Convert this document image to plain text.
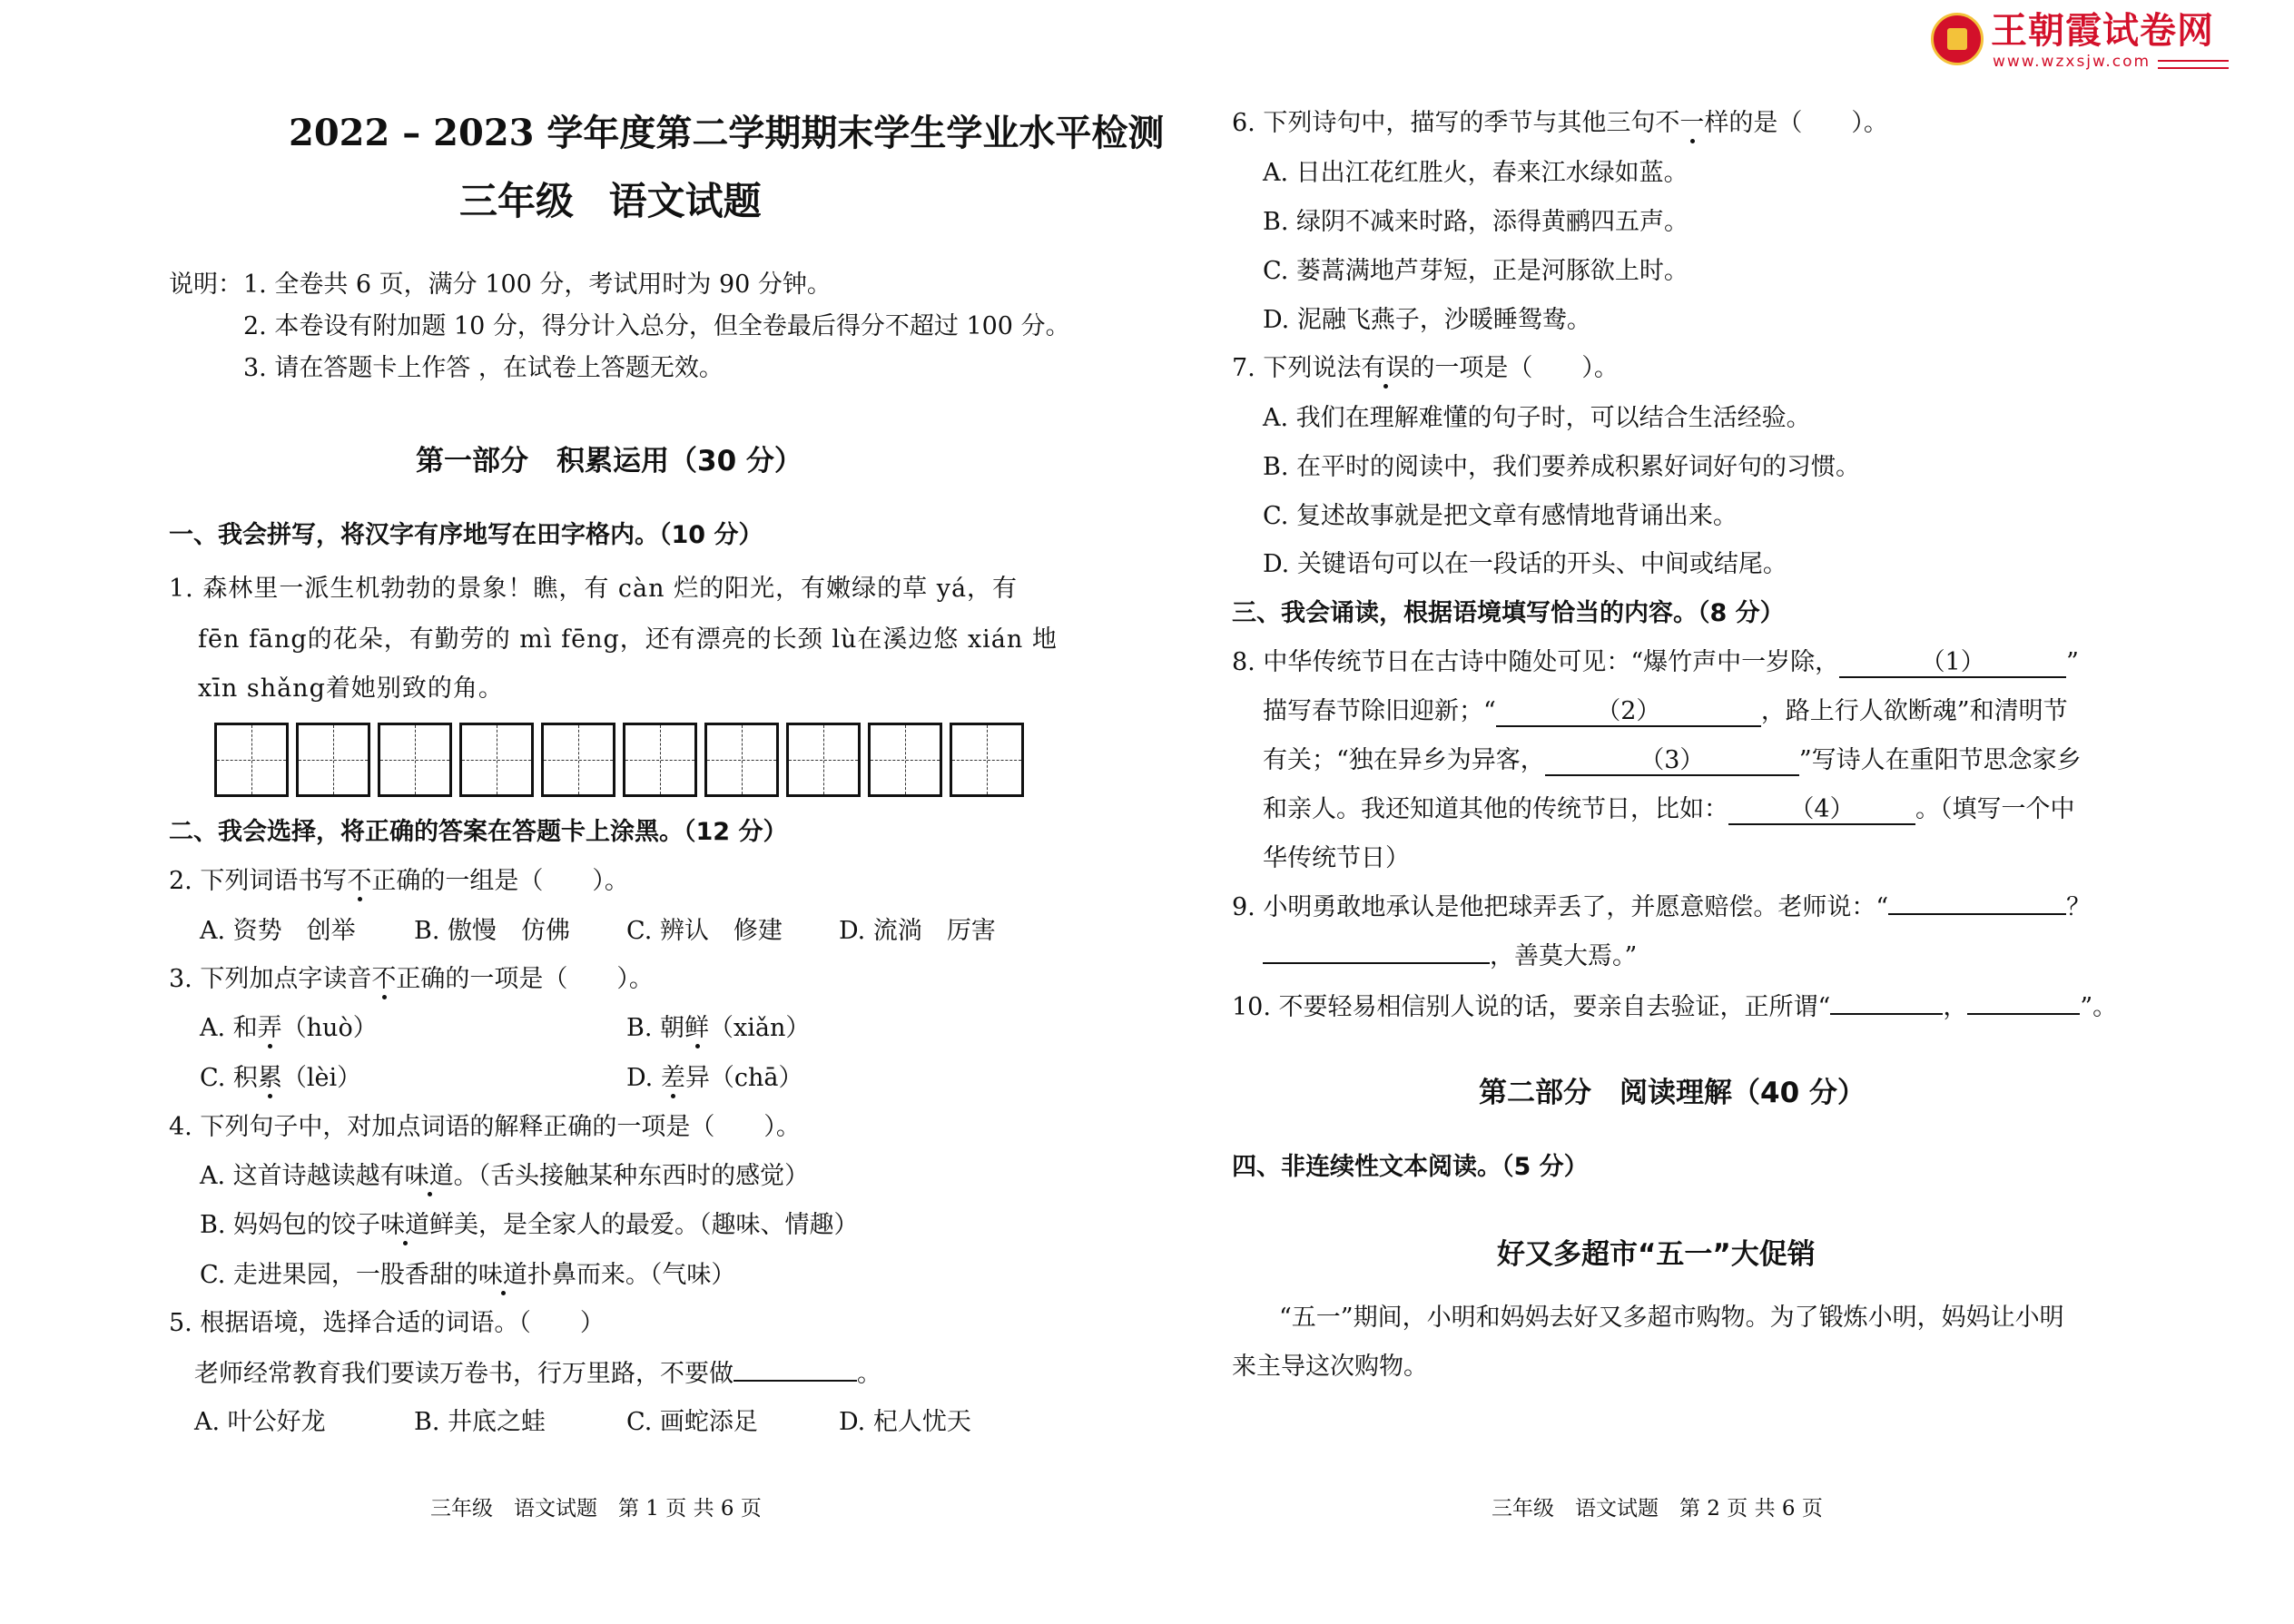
2022 – 2023 学年度第二学期期末学生学业水平检测
三年级 语文试题
说明： 1. 全卷共 6 页，满分 100 分，考试用时为 90 分钟。
2. 本卷设有附加题 10 分，得分计入总分，但全卷最后得分不超过 100 分。
3. 请在答题卡上作答 ，在试卷上答题无效。
第一部分　积累运用（30 分）
一、我会拼写，将汉字有序地写在田字格内。（10 分）
1. 森林里一派生机勃勃的景象！瞧，有 càn 烂的阳光，有嫩绿的草 yá，有
fēn fāng的花朵，有勤劳的 mì fēng，还有漂亮的长颈 lù在溪边悠 xián 地
xīn shǎng着她别致的角。
二、我会选择，将正确的答案在答题卡上涂黑。（12 分）
2. 下列词语书写不正确的一组是（　　）。
A. 资势　创举 B. 傲慢　仿佛 C. 辨认　修建 D. 流淌　厉害
3. 下列加点字读音不正确的一项是（　　）。
A. 和弄（huò）	B. 朝鲜（xiǎn）
C. 积累（lèi）	D. 差异（chā）
4. 下列句子中，对加点词语的解释正确的一项是（　　）。
A. 这首诗越读越有味道。（舌头接触某种东西时的感觉）
B. 妈妈包的饺子味道鲜美，是全家人的最爱。（趣味、情趣）
C. 走进果园，一股香甜的味道扑鼻而来。（气味）
5. 根据语境，选择合适的词语。（　　）
老师经常教育我们要读万卷书，行万里路，不要做	。
A. 叶公好龙	B. 井底之蛙	C. 画蛇添足	D. 杞人忧天
三年级　语文试题　第 1 页 共 6 页
王朝霞试卷网
www.wzxsjw.com
6. 下列诗句中，描写的季节与其他三句不一样的是（　　）。
A. 日出江花红胜火，春来江水绿如蓝。
B. 绿阴不减来时路，添得黄鹂四五声。
C. 蒌蒿满地芦芽短，正是河豚欲上时。
D. 泥融飞燕子，沙暖睡鸳鸯。
7. 下列说法有误的一项是（　　）。
A. 我们在理解难懂的句子时，可以结合生活经验。
B. 在平时的阅读中，我们要养成积累好词好句的习惯。
C. 复述故事就是把文章有感情地背诵出来。
D. 关键语句可以在一段话的开头、中间或结尾。
三、我会诵读，根据语境填写恰当的内容。（8 分）
8. 中华传统节日在古诗中随处可见：“爆竹声中一岁除，	（1）	”
描写春节除旧迎新；“	（2）	，路上行人欲断魂”和清明节
有关；“独在异乡为异客，	（3）	”写诗人在重阳节思念家乡
和亲人。我还知道其他的传统节日，比如： （4） 。（填写一个中
华传统节日）
9. 小明勇敢地承认是他把球弄丢了，并愿意赔偿。老师说：“	？
，善莫大焉。”
10. 不要轻易相信别人说的话，要亲自去验证，正所谓“	，	”。
第二部分　阅读理解（40 分）
四、非连续性文本阅读。（5 分）
好又多超市“五一”大促销
“五一”期间，小明和妈妈去好又多超市购物。为了锻炼小明，妈妈让小明
来主导这次购物。
三年级　语文试题　第 2 页 共 6 页
